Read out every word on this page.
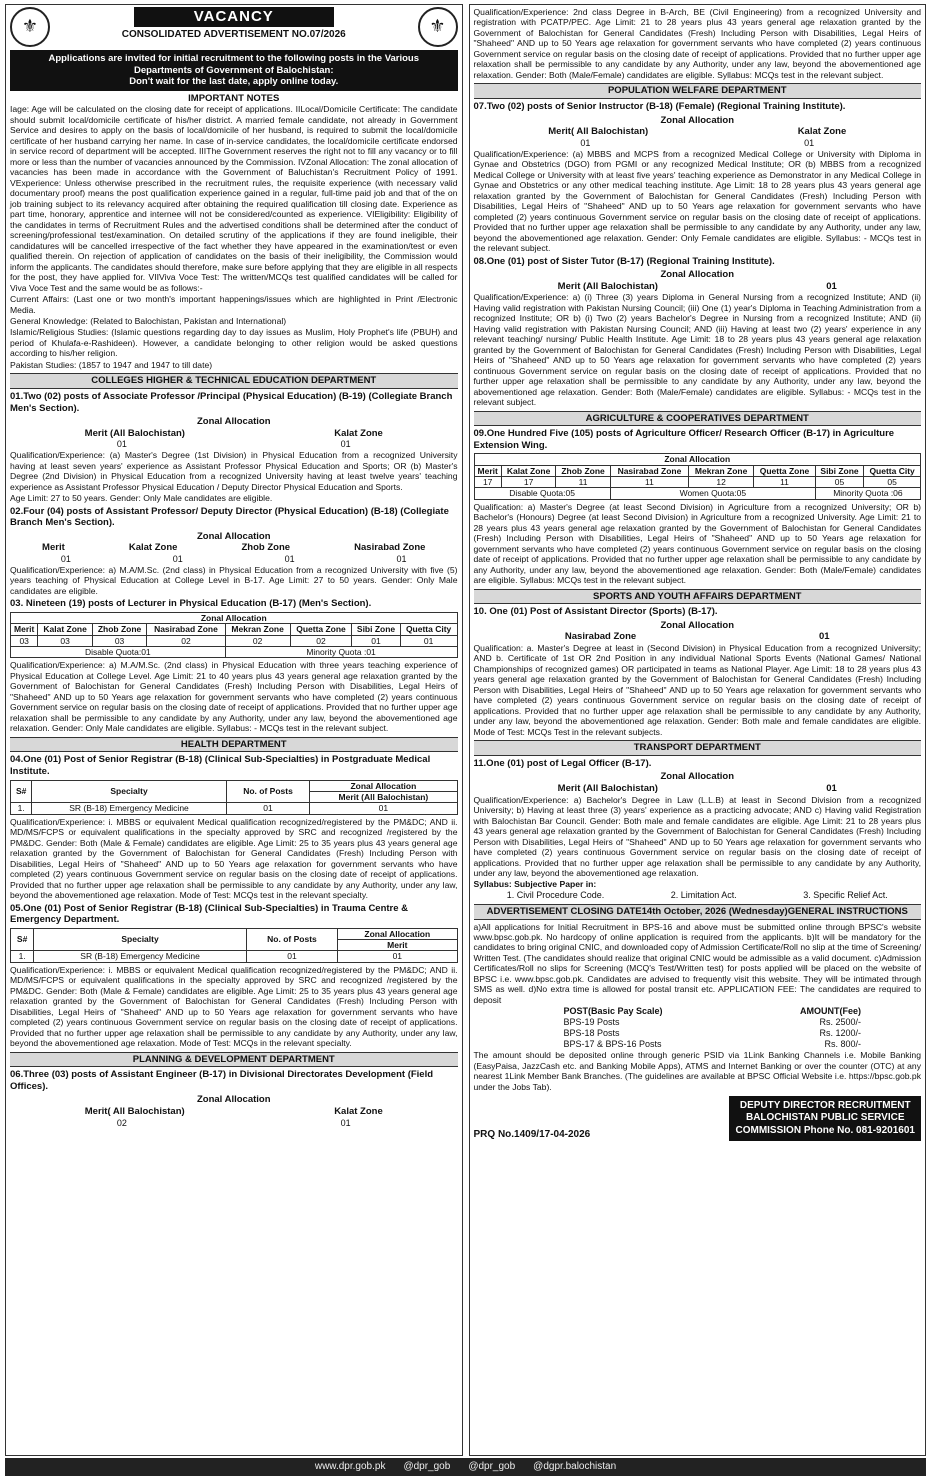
⚜	VACANCY
CONSOLIDATED ADVERTISEMENT NO.07/2026	⚜
Applications are invited for initial recruitment to the following posts in the Various
Departments of Government of Balochistan:
Don't wait for the last date, apply online today.
IMPORTANT NOTES

Iage: Age will be calculated on the closing date for receipt of applications. IILocal/Domicile Certificate: The candidate should submit local/domicile certificate of his/her district. A married female candidate, not already in Government Service and desires to apply on the basis of local/domicile of her husband, is required to submit the local/domicile certificate of her husband carrying her name. In case of in-service candidates, the local/domicile certificate endorsed in service record of department will be accepted. IIIThe Government reserves the right not to fill any vacancy or to fill more or less than the number of vacancies announced by the Commission. IVZonal Allocation: The zonal allocation of vacancies has been made in accordance with the Government of Baluchistan's Recruitment Policy of 1991. VExperience: Unless otherwise prescribed in the recruitment rules, the requisite experience (with necessary valid documentary proof) means the post qualification experience gained in a regular, full-time paid job and that of the on job training subject to its relevancy acquired after obtaining the required qualification till closing date. Experience as part time, honorary, apprentice and internee will not be considered/counted as experience. VIEligibility: Eligibility of the candidates in terms of Recruitment Rules and the advertised conditions shall be determined after the conduct of screening/professional test/examination. On detailed scrutiny of the applications if they are found ineligible, their candidatures will be cancelled irrespective of the fact whether they have appeared in the examination/test or even qualified therein. On rejection of application of candidates on the basis of their ineligibility, the Commission would inform the applicants. The candidates should therefore, make sure before applying that they are eligible in all respects for the post, they have applied for. VIIViva Voce Test: The written/MCQs test qualified candidates will be called for Viva Voce Test and the same would be as follows:-

Current Affairs: (Last one or two month's important happenings/issues which are highlighted in Print /Electronic Media.

General Knowledge: (Related to Balochistan, Pakistan and International)

Islamic/Religious Studies: (Islamic questions regarding day to day issues as Muslim, Holy Prophet's life (PBUH) and period of Khulafa-e-Rashideen). However, a candidate belonging to other religion would be asked questions according to his/her religion.

Pakistan Studies: (1857 to 1947 and 1947 to till date)

COLLEGES HIGHER & TECHNICAL EDUCATION DEPARTMENT
01.Two (02) posts of Associate Professor /Principal (Physical Education) (B-19) (Collegiate Branch Men's Section).
Zonal Allocation
Merit (All Balochistan)	Kalat Zone
01	01

Qualification/Experience: (a) Master's Degree (1st Division) in Physical Education from a recognized University having at least seven years' experience as Assistant Professor Physical Education and Sports; OR (b) Master's Degree (2nd Division) in Physical Education from a recognized University having at least twelve years' teaching experience as Assistant Professor Physical Education / Deputy Director Physical Education and Sports.

Age Limit: 27 to 50 years. Gender: Only Male candidates are eligible.

02.Four (04) posts of Assistant Professor/ Deputy Director (Physical Education) (B-18) (Collegiate Branch Men's Section).
Zonal Allocation
Merit	Kalat Zone	Zhob Zone	Nasirabad Zone
01	01	01	01

Qualification/Experience: a) M.A/M.Sc. (2nd class) in Physical Education from a recognized University with five (5) years teaching of Physical Education at College Level in B-17. Age Limit: 27 to 50 years. Gender: Only Male candidates are eligible.

03. Nineteen (19) posts of Lecturer in Physical Education (B-17) (Men's Section).
Zonal Allocation							
Merit	Kalat Zone	Zhob Zone	Nasirabad Zone	Mekran Zone	Quetta Zone	Sibi Zone	Quetta City
03	03	03	02	02	02	01	01
Disable Quota:01				Minority Quota :01			

Qualification/Experience: a) M.A/M.Sc. (2nd class) in Physical Education with three years teaching experience of Physical Education at College Level. Age Limit: 21 to 40 years plus 43 years general age relaxation granted by the Government of Balochistan for General Candidates (Fresh) Including Person with Disabilities, Legal Heirs of "Shaheed" AND up to 50 Years age relaxation for government servants who have completed (2) years continuous Government service on regular basis on the closing date of receipt of applications. Provided that no further upper age relaxation shall be permissible to any candidate by any Authority, under any law, beyond the abovementioned age relaxation. Gender: Only Male candidates are eligible. Syllabus: - MCQs test in the relevant subject.

HEALTH DEPARTMENT
04.One (01) Post of Senior Registrar (B-18) (Clinical Sub-Specialties) in Postgraduate Medical Institute.
S#	Specialty	No. of Posts	Zonal Allocation
			Merit (All Balochistan)
1.	SR (B-18) Emergency Medicine	01	01

Qualification/Experience: i. MBBS or equivalent Medical qualification recognized/registered by the PM&DC; AND ii. MD/MS/FCPS or equivalent qualifications in the specialty approved by SRC and recognized /registered by the PM&DC. Gender: Both (Male & Female) candidates are eligible. Age Limit: 25 to 35 years plus 43 years general age relaxation granted by the Government of Balochistan for General Candidates (Fresh) Including Person with Disabilities, Legal Heirs of "Shaheed" AND up to 50 Years age relaxation for government servants who have completed (2) years continuous Government service on regular basis on the closing date of receipt of applications. Provided that no further upper age relaxation shall be permissible to any candidate by any Authority, under any law, beyond the abovementioned age relaxation. Mode of Test: MCQs test in the relevant specialty.

05.One (01) Post of Senior Registrar (B-18) (Clinical Sub-Specialties) in Trauma Centre & Emergency Department.
S#	Specialty	No. of Posts	Zonal Allocation
			Merit
1.	SR (B-18) Emergency Medicine	01	01

Qualification/Experience: i. MBBS or equivalent Medical qualification recognized/registered by the PM&DC; AND ii. MD/MS/FCPS or equivalent qualifications in the specialty approved by SRC and recognized /registered by the PM&DC. Gender: Both (Male & Female) candidates are eligible. Age Limit: 25 to 35 years plus 43 years general age relaxation granted by the Government of Balochistan for General Candidates (Fresh) Including Person with Disabilities, Legal Heirs of "Shaheed" AND up to 50 Years age relaxation for government servants who have completed (2) years continuous Government service on regular basis on the closing date of receipt of applications. Provided that no further upper age relaxation shall be permissible to any candidate by any Authority, under any law, beyond the abovementioned age relaxation. Mode of Test: MCQs in the relevant specialty.

PLANNING & DEVELOPMENT DEPARTMENT
06.Three (03) posts of Assistant Engineer (B-17) in Divisional Directorates Development (Field Offices).
Zonal Allocation
Merit( All Balochistan)	Kalat Zone
02	01

Qualification/Experience: 2nd class Degree in B-Arch, BE (Civil Engineering) from a recognized University and registration with PCATP/PEC. Age Limit: 21 to 28 years plus 43 years general age relaxation granted by the Government of Balochistan for General Candidates (Fresh) Including Person with Disabilities, Legal Heirs of "Shaheed" AND up to 50 Years age relaxation for government servants who have completed (2) years continuous Government service on regular basis on the closing date of receipt of applications. Provided that no further upper age relaxation shall be permissible to any candidate by any Authority, under any law, beyond the abovementioned age relaxation. Gender: Both (Male/Female) candidates are eligible. Syllabus: MCQs test in the relevant subject.

POPULATION WELFARE DEPARTMENT
07.Two (02) posts of Senior Instructor (B-18) (Female) (Regional Training Institute).
Zonal Allocation
Merit( All Balochistan)	Kalat Zone
01	01

Qualification/Experience: (a) MBBS and MCPS from a recognized Medical College or University with Diploma in Gynae and Obstetrics (DGO) from PGMI or any recognized Medical Institute; OR (b) MBBS from a recognized Medical College or University with at least five years' teaching experience as Demonstrator in any Medical College in Gynae and Obstetrics or any other medical teaching institute. Age Limit: 18 to 28 years plus 43 years general age relaxation granted by the Government of Balochistan for General Candidates (Fresh) Including Person with Disabilities, Legal Heirs of "Shaheed" AND up to 50 Years age relaxation for government servants who have completed (2) years continuous Government service on regular basis on the closing date of receipt of applications. Provided that no further upper age relaxation shall be permissible to any candidate by any Authority, under any law, beyond the abovementioned age relaxation. Gender: Only Female candidates are eligible. Syllabus: - MCQs test in the relevant subject.

08.One (01) post of Sister Tutor (B-17) (Regional Training Institute).
Zonal Allocation
Merit (All Balochistan)	01

Qualification/Experience: a) (i) Three (3) years Diploma in General Nursing from a recognized Institute; AND (ii) Having valid registration with Pakistan Nursing Council; (iii) One (1) year's Diploma in Teaching Administration from a recognized Institute; OR b) (i) Two (2) years Bachelor's Degree in Nursing from a recognized Institute; AND (ii) Having valid registration with Pakistan Nursing Council; AND (iii) Having at least two (2) years' experience in any relevant teaching/ nursing/ Public Health Institute. Age Limit: 18 to 28 years plus 43 years general age relaxation granted by the Government of Balochistan for General Candidates (Fresh) Including Person with Disabilities, Legal Heirs of "Shaheed" AND up to 50 Years age relaxation for government servants who have completed (2) years continuous Government service on regular basis on the closing date of receipt of applications. Provided that no further upper age relaxation shall be permissible to any candidate by any Authority, under any law, beyond the abovementioned age relaxation. Gender: Both (Male/Female) candidates are eligible. Syllabus: - MCQs test in the relevant subject.

AGRICULTURE & COOPERATIVES DEPARTMENT
09.One Hundred Five (105) posts of Agriculture Officer/ Research Officer (B-17) in Agriculture Extension Wing.
Zonal Allocation							
Merit	Kalat Zone	Zhob Zone	Nasirabad Zone	Mekran Zone	Quetta Zone	Sibi Zone	Quetta City
17	17	11	11	12	11	05	05
Disable Quota:05			Women Quota:05			Minority Quota :06	

Qualification: a) Master's Degree (at least Second Division) in Agriculture from a recognized University; OR b) Bachelor's (Honours) Degree (at least Second Division) in Agriculture from a recognized University. Age Limit: 21 to 28 years plus 43 years general age relaxation granted by the Government of Balochistan for General Candidates (Fresh) Including Person with Disabilities, Legal Heirs of "Shaheed" AND up to 50 Years age relaxation for government servants who have completed (2) years continuous Government service on regular basis on the closing date of receipt of applications. Provided that no further upper age relaxation shall be permissible to any candidate by any Authority, under any law, beyond the abovementioned age relaxation. Gender: Both (Male/Female) candidates are eligible. Syllabus: MCQs test in the relevant subject.

SPORTS AND YOUTH AFFAIRS DEPARTMENT
10. One (01) Post of Assistant Director (Sports) (B-17).
Zonal Allocation
Nasirabad Zone	01

Qualification: a. Master's Degree at least in (Second Division) in Physical Education from a recognized University; AND b. Certificate of 1st OR 2nd Position in any individual National Sports Events (National Games/ National Championships of recognized games) OR participated in teams as National Player. Age Limit: 18 to 28 years plus 43 years general age relaxation granted by the Government of Balochistan for General Candidates (Fresh) Including Person with Disabilities, Legal Heirs of "Shaheed" AND up to 50 Years age relaxation for government servants who have completed (2) years continuous Government service on regular basis on the closing date of receipt of applications. Provided that no further upper age relaxation shall be permissible to any candidate by any Authority, under any law, beyond the abovementioned age relaxation. Gender: Both male and female candidates are eligible. Mode of Test: MCQs Test in the relevant subjects.

TRANSPORT DEPARTMENT
11.One (01) post of Legal Officer (B-17).
Zonal Allocation
Merit (All Balochistan)	01

Qualification/Experience: a) Bachelor's Degree in Law (L.L.B) at least in Second Division from a recognized University; b) Having at least three (3) years' experience as a practicing advocate; AND c) Having valid Registration with Balochistan Bar Council. Gender: Both male and female candidates are eligible. Age Limit: 21 to 28 years plus 43 years general age relaxation granted by the Government of Balochistan for General Candidates (Fresh) Including Person with Disabilities, Legal Heirs of "Shaheed" AND up to 50 Years age relaxation for government servants who have completed (2) years continuous Government service on regular basis on the closing date of receipt of applications. Provided that no further upper age relaxation shall be permissible to any candidate by any Authority, under any law, beyond the abovementioned age relaxation.

Syllabus: Subjective Paper in:
1. Civil Procedure Code.	2. Limitation Act.	3. Specific Relief Act.
ADVERTISEMENT CLOSING DATE14th October, 2026 (Wednesday)GENERAL INSTRUCTIONS

a)All applications for Initial Recruitment in BPS-16 and above must be submitted online through BPSC's website www.bpsc.gob.pk. No hardcopy of online application is required from the applicants. b)It will be mandatory for the candidates to bring original CNIC, and downloaded copy of Admission Certificate/Roll no slip at the time of Screening/ Written Test. (The candidates should realize that original CNIC would be admissible as a valid document. c)Admission Certificates/Roll no slips for Screening (MCQ's Test/Written test) for posts applied will be placed on the website of BPSC i.e. www.bpsc.gob.pk. Candidates are advised to frequently visit this website. They will be intimated through SMS as well. d)No extra time is allowed for postal transit etc. APPLICATION FEE: The candidates are required to deposit

POST(Basic Pay Scale)	AMOUNT(Fee)
BPS-19 Posts	Rs. 2500/-
BPS-18 Posts	Rs. 1200/-
BPS-17 & BPS-16 Posts	Rs. 800/-

The amount should be deposited online through generic PSID via 1Link Banking Channels i.e. Mobile Banking (EasyPaisa, JazzCash etc. and Banking Mobile Apps), ATMS and Internet Banking or over the counter (OTC) at any nearest 1Link Member Bank Branches. (The guidelines are available at BPSC Official Website i.e. https://bpsc.gob.pk under the Jobs Tab).

PRQ No.1409/17-04-2026
DEPUTY DIRECTOR RECRUITMENT
BALOCHISTAN PUBLIC SERVICE
COMMISSION Phone No. 081-9201601
www.dpr.gob.pk @dpr_gob @dpr_gob @dgpr.balochistan
